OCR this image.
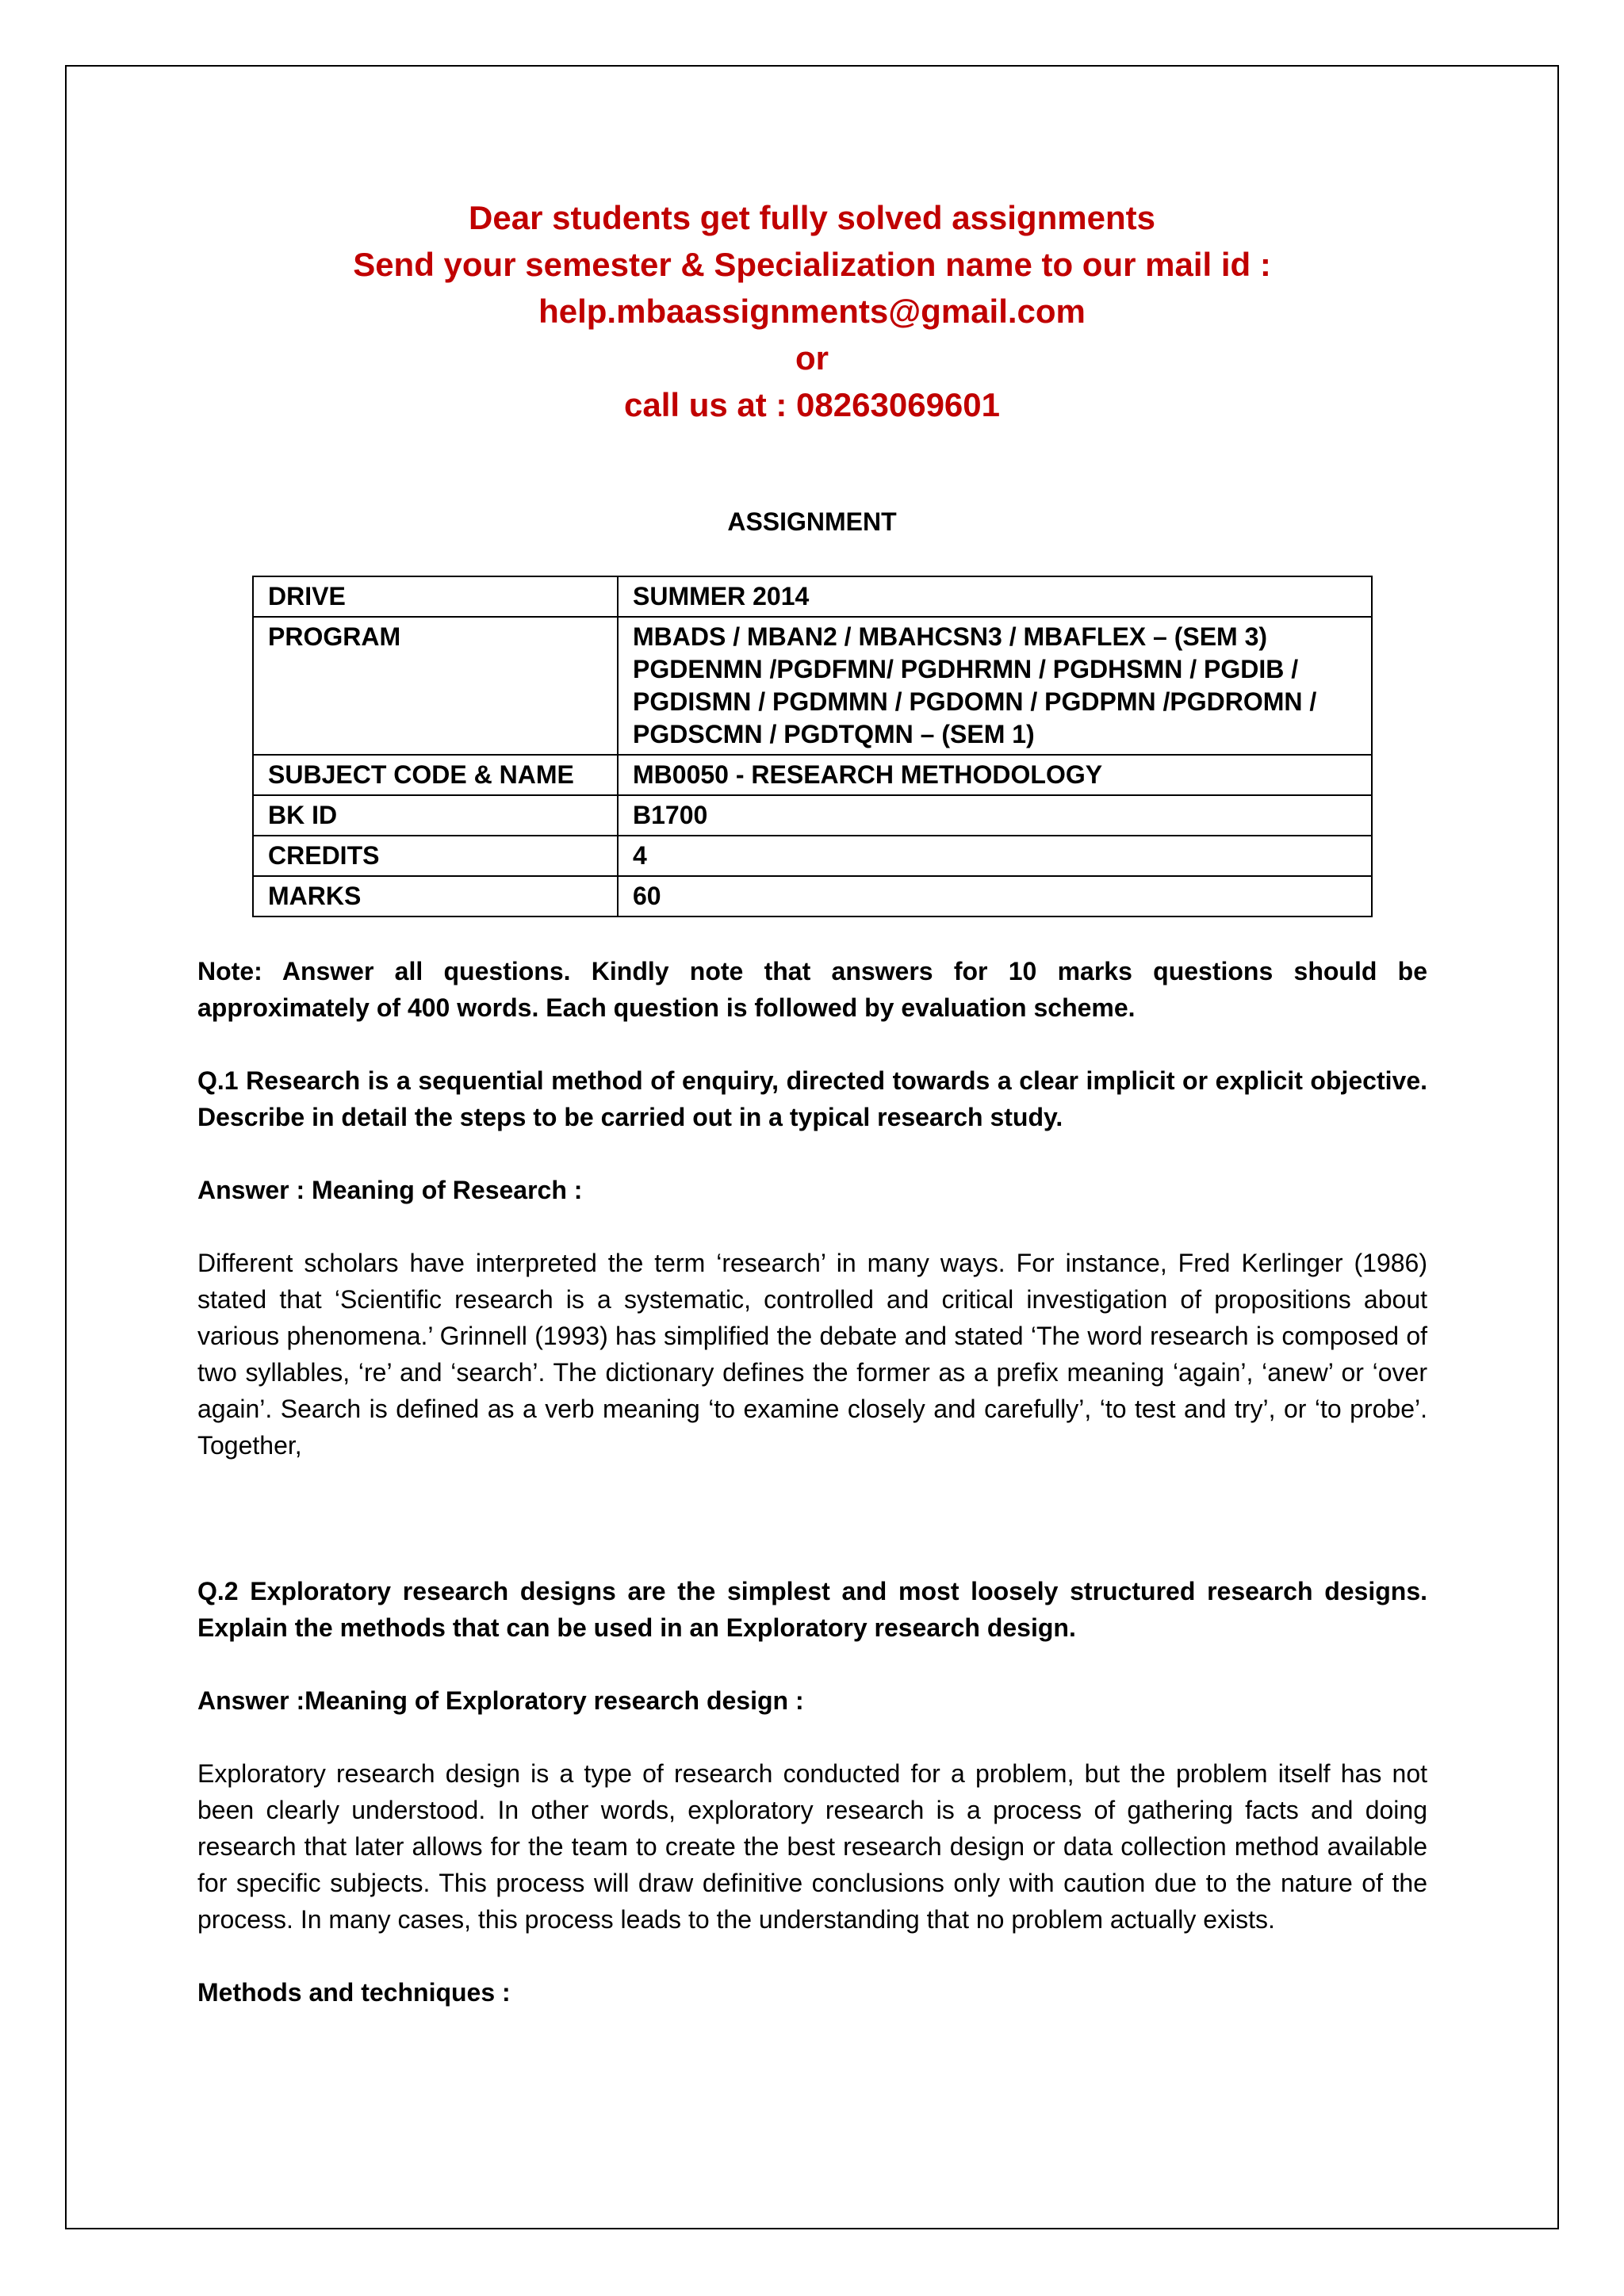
Dear students get fully solved assignments
Send your semester & Specialization name to our mail id :
help.mbaassignments@gmail.com
or
call us at : 08263069601
ASSIGNMENT
DRIVE	SUMMER 2014
PROGRAM	MBADS / MBAN2 / MBAHCSN3 / MBAFLEX – (SEM 3) PGDENMN /PGDFMN/ PGDHRMN / PGDHSMN / PGDIB / PGDISMN / PGDMMN / PGDOMN / PGDPMN /PGDROMN / PGDSCMN / PGDTQMN – (SEM 1)
SUBJECT CODE & NAME	MB0050 - RESEARCH METHODOLOGY
BK ID	B1700
CREDITS	4
MARKS	60

Note: Answer all questions. Kindly note that answers for 10 marks questions should be approximately of 400 words. Each question is followed by evaluation scheme.

Q.1 Research is a sequential method of enquiry, directed towards a clear implicit or explicit objective. Describe in detail the steps to be carried out in a typical research study.

Answer : Meaning of Research :

Different scholars have interpreted the term ‘research’ in many ways. For instance, Fred Kerlinger (1986) stated that ‘Scientific research is a systematic, controlled and critical investigation of propositions about various phenomena.’ Grinnell (1993) has simplified the debate and stated ‘The word research is composed of two syllables, ‘re’ and ‘search’. The dictionary defines the former as a prefix meaning ‘again’, ‘anew’ or ‘over again’. Search is defined as a verb meaning ‘to examine closely and carefully’, ‘to test and try’, or ‘to probe’. Together,

Q.2 Exploratory research designs are the simplest and most loosely structured research designs. Explain the methods that can be used in an Exploratory research design.

Answer :Meaning of Exploratory research design :

Exploratory research design is a type of research conducted for a problem, but the problem itself has not been clearly understood. In other words, exploratory research is a process of gathering facts and doing research that later allows for the team to create the best research design or data collection method available for specific subjects. This process will draw definitive conclusions only with caution due to the nature of the process. In many cases, this process leads to the understanding that no problem actually exists.

Methods and techniques :
